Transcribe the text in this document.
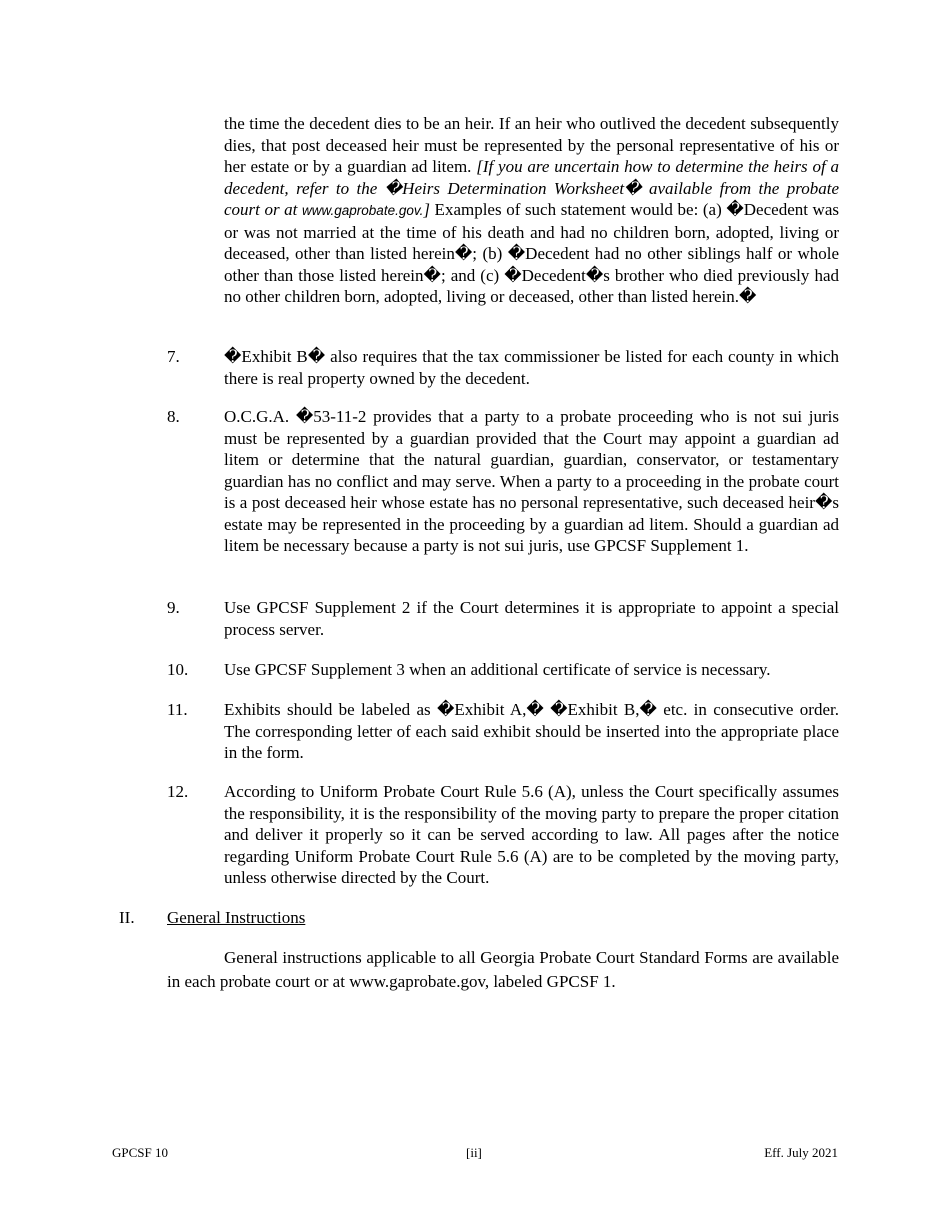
the time the decedent dies to be an heir. If an heir who outlived the decedent subsequently dies, that post deceased heir must be represented by the personal representative of his or her estate or by a guardian ad litem. [If you are uncertain how to determine the heirs of a decedent, refer to the �Heirs Determination Worksheet� available from the probate court or at www.gaprobate.gov.] Examples of such statement would be: (a) �Decedent was or was not married at the time of his death and had no children born, adopted, living or deceased, other than listed herein�; (b) �Decedent had no other siblings half or whole other than those listed herein�; and (c) �Decedent�s brother who died previously had no other children born, adopted, living or deceased, other than listed herein.�
7.	�Exhibit B� also requires that the tax commissioner be listed for each county in which there is real property owned by the decedent.
8.	O.C.G.A. �53-11-2 provides that a party to a probate proceeding who is not sui juris must be represented by a guardian provided that the Court may appoint a guardian ad litem or determine that the natural guardian, guardian, conservator, or testamentary guardian has no conflict and may serve. When a party to a proceeding in the probate court is a post deceased heir whose estate has no personal representative, such deceased heir�s estate may be represented in the proceeding by a guardian ad litem. Should a guardian ad litem be necessary because a party is not sui juris, use GPCSF Supplement 1.
9.	Use GPCSF Supplement 2 if the Court determines it is appropriate to appoint a special process server.
10. Use GPCSF Supplement 3 when an additional certificate of service is necessary.
11. Exhibits should be labeled as �Exhibit A,� �Exhibit B,� etc. in consecutive order. The corresponding letter of each said exhibit should be inserted into the appropriate place in the form.
12. According to Uniform Probate Court Rule 5.6 (A), unless the Court specifically assumes the responsibility, it is the responsibility of the moving party to prepare the proper citation and deliver it properly so it can be served according to law. All pages after the notice regarding Uniform Probate Court Rule 5.6 (A) are to be completed by the moving party, unless otherwise directed by the Court.
II. General Instructions
General instructions applicable to all Georgia Probate Court Standard Forms are available in each probate court or at www.gaprobate.gov, labeled GPCSF 1.
GPCSF 10	[ii]	Eff. July 2021
